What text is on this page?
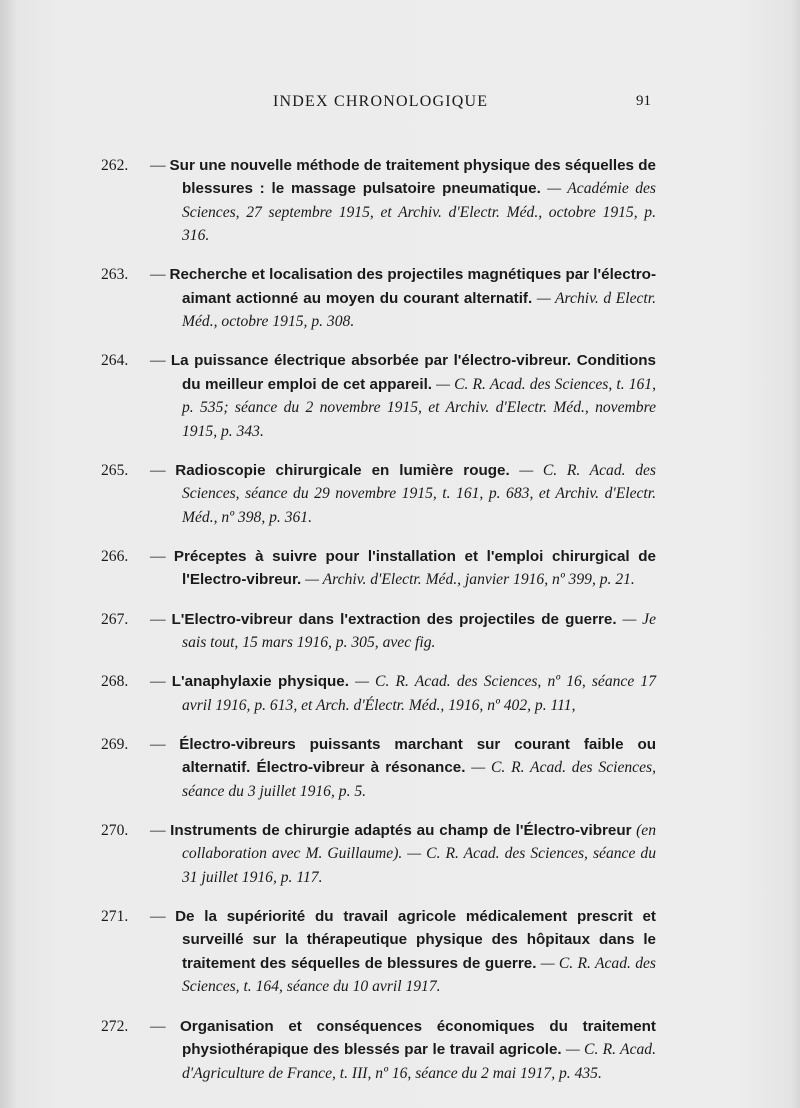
INDEX CHRONOLOGIQUE	91

262. — Sur une nouvelle méthode de traitement physique des séquelles de blessures : le massage pulsatoire pneumatique. — Académie des Sciences, 27 septembre 1915, et Archiv. d'Electr. Méd., octobre 1915, p. 316.

263. — Recherche et localisation des projectiles magnétiques par l'électro-aimant actionné au moyen du courant alternatif. — Archiv. d Electr. Méd., octobre 1915, p. 308.

264. — La puissance électrique absorbée par l'électro-vibreur. Conditions du meilleur emploi de cet appareil. — C. R. Acad. des Sciences, t. 161, p. 535; séance du 2 novembre 1915, et Archiv. d'Electr. Méd., novembre 1915, p. 343.

265. — Radioscopie chirurgicale en lumière rouge. — C. R. Acad. des Sciences, séance du 29 novembre 1915, t. 161, p. 683, et Archiv. d'Electr. Méd., nº 398, p. 361.

266. — Préceptes à suivre pour l'installation et l'emploi chirurgical de l'Electro-vibreur. — Archiv. d'Electr. Méd., janvier 1916, nº 399, p. 21.

267. — L'Electro-vibreur dans l'extraction des projectiles de guerre. — Je sais tout, 15 mars 1916, p. 305, avec fig.

268. — L'anaphylaxie physique. — C. R. Acad. des Sciences, nº 16, séance 17 avril 1916, p. 613, et Arch. d'Électr. Méd., 1916, nº 402, p. 111,

269. — Électro-vibreurs puissants marchant sur courant faible ou alternatif. Électro-vibreur à résonance. — C. R. Acad. des Sciences, séance du 3 juillet 1916, p. 5.

270. — Instruments de chirurgie adaptés au champ de l'Électro-vibreur (en collaboration avec M. Guillaume). — C. R. Acad. des Sciences, séance du 31 juillet 1916, p. 117.

271. — De la supériorité du travail agricole médicalement prescrit et surveillé sur la thérapeutique physique des hôpitaux dans le traitement des séquelles de blessures de guerre. — C. R. Acad. des Sciences, t. 164, séance du 10 avril 1917.

272. — Organisation et conséquences économiques du traitement physiothérapique des blessés par le travail agricole. — C. R. Acad. d'Agriculture de France, t. III, nº 16, séance du 2 mai 1917, p. 435.
